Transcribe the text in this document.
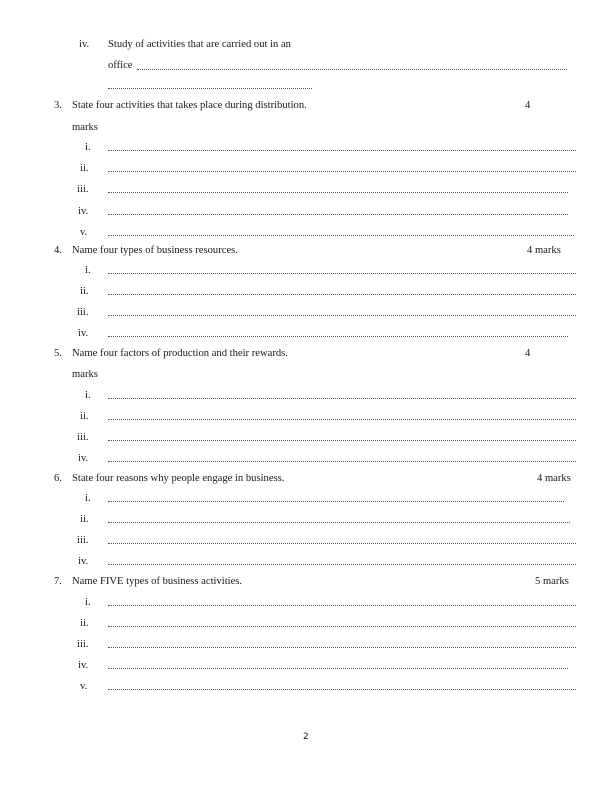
iv. Study of activities that are carried out in an
office
3. State four activities that takes place during distribution.	4
marks
i.
ii.
iii.
iv.
v.
4. Name four types of business resources.	4 marks
i.
ii.
iii.
iv.
5. Name four factors of production and their rewards.	4
marks
i.
ii.
iii.
iv.
6. State four reasons why people engage in business.	4 marks
i.
ii.
iii.
iv.
7. Name FIVE types of business activities.	5 marks
i.
ii.
iii.
iv.
v.
2
